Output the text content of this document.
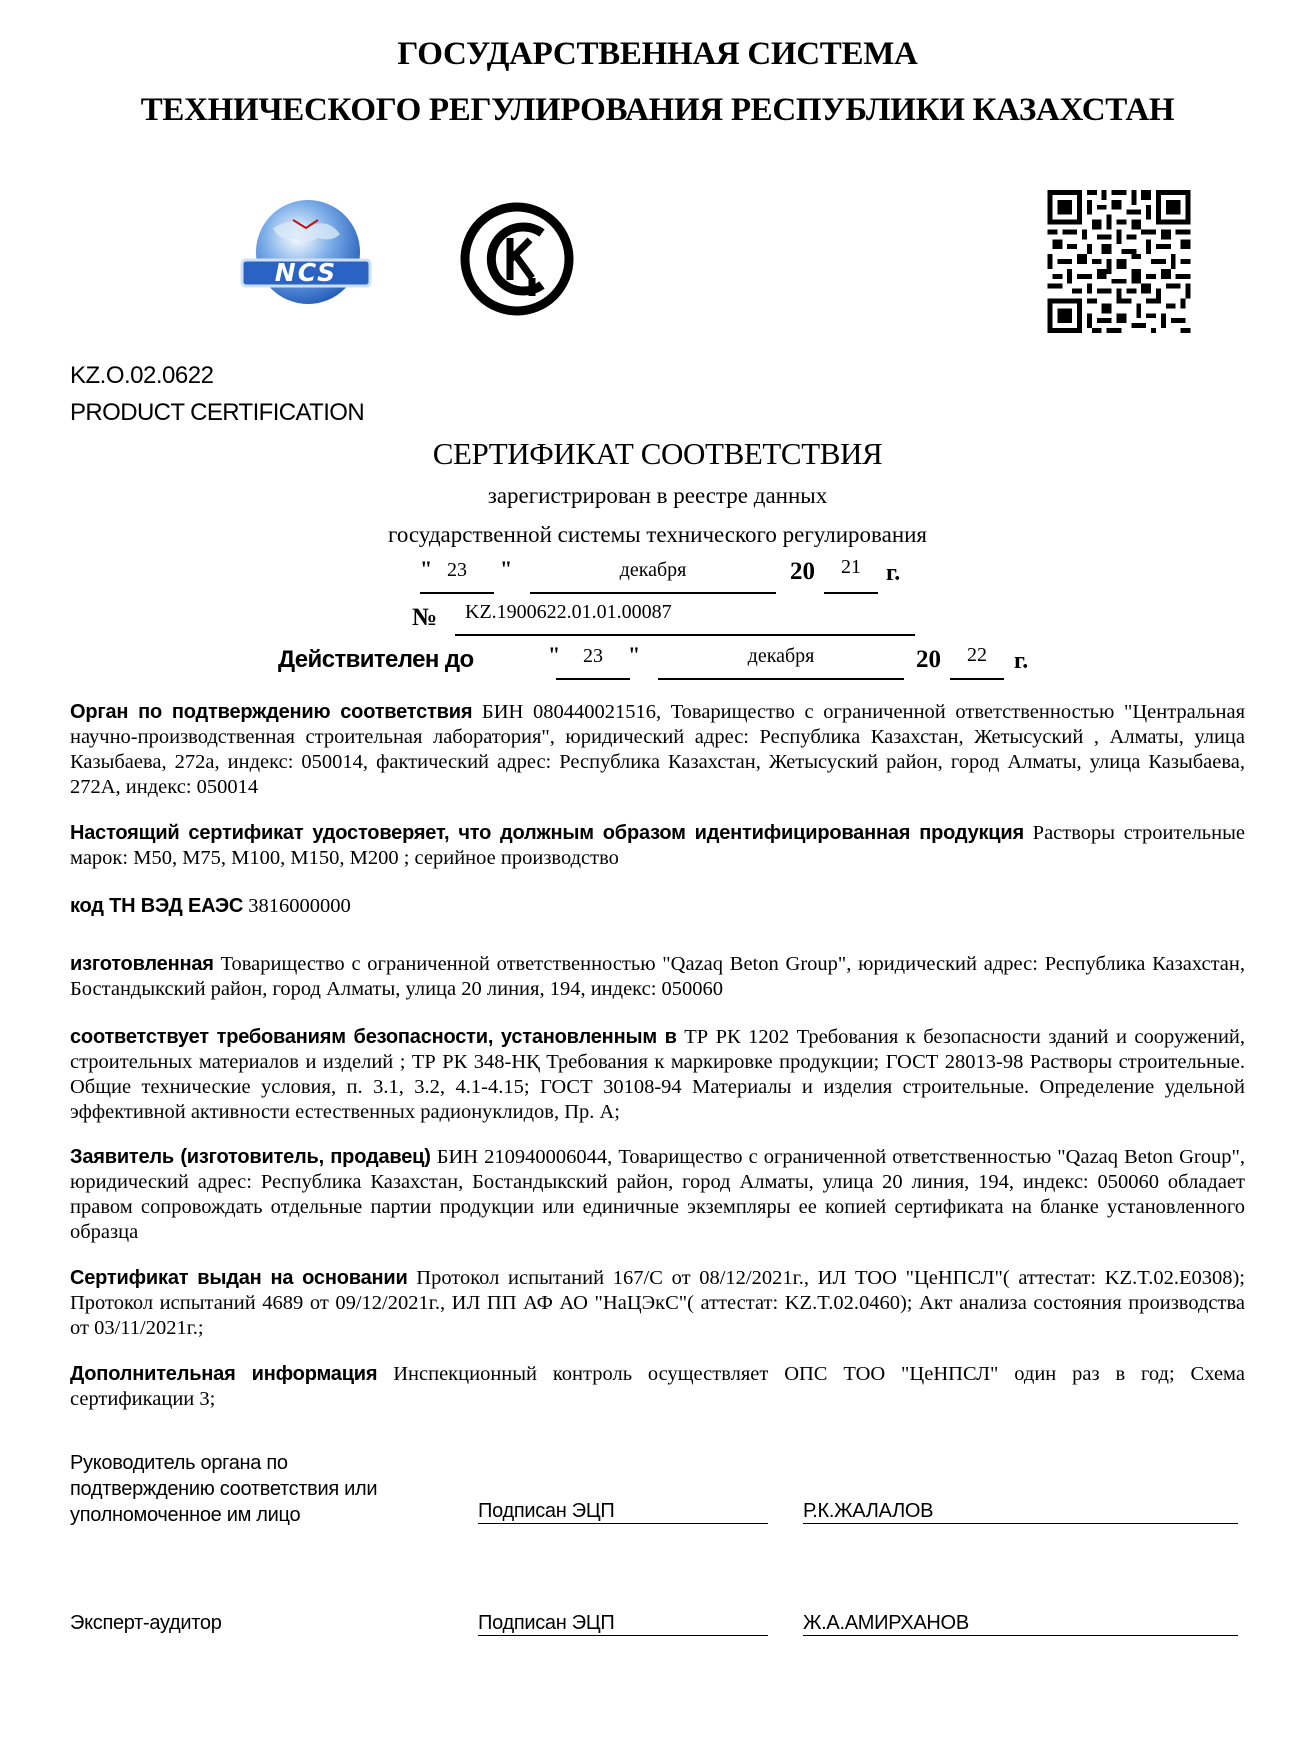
ГОСУДАРСТВЕННАЯ СИСТЕМА
ТЕХНИЧЕСКОГО РЕГУЛИРОВАНИЯ РЕСПУБЛИКИ КАЗАХСТАН
NCS
KZ.O.02.0622
PRODUCT CERTIFICATION
СЕРТИФИКАТ СООТВЕТСТВИЯ
зарегистрирован в реестре данных
государственной системы технического регулирования
" 23	"	декабря	20	21	г.
№ KZ.1900622.01.01.00087
Действителен до	"	23	"	декабря	20	22	г.
Орган по подтверждению соответствия БИН 080440021516, Товарищество с ограниченной ответственностью "Центральная научно-производственная строительная лаборатория", юридический адрес: Республика Казахстан, Жетысуский , Алматы, улица Казыбаева, 272а, индекс: 050014, фактический адрес: Республика Казахстан, Жетысуский район, город Алматы, улица Казыбаева, 272А, индекс: 050014
Настоящий сертификат удостоверяет, что должным образом идентифицированная продукция Растворы строительные марок: М50, М75, М100, М150, М200 ; серийное производство
код ТН ВЭД ЕАЭС 3816000000
изготовленная Товарищество с ограниченной ответственностью "Qazaq Beton Group", юридический адрес: Республика Казахстан, Бостандыкский район, город Алматы, улица 20 линия, 194, индекс: 050060
соответствует требованиям безопасности, установленным в ТР РК 1202 Требования к безопасности зданий и сооружений, строительных материалов и изделий ; ТР РК 348-НҚ Требования к маркировке продукции; ГОСТ 28013-98 Растворы строительные. Общие технические условия, п. 3.1, 3.2, 4.1-4.15; ГОСТ 30108-94 Материалы и изделия строительные. Определение удельной эффективной активности естественных радионуклидов, Пр. А;
Заявитель (изготовитель, продавец) БИН 210940006044, Товарищество с ограниченной ответственностью "Qazaq Beton Group", юридический адрес: Республика Казахстан, Бостандыкский район, город Алматы, улица 20 линия, 194, индекс: 050060 обладает правом сопровождать отдельные партии продукции или единичные экземпляры ее копией сертификата на бланке установленного образца
Сертификат выдан на основании Протокол испытаний 167/С от 08/12/2021г., ИЛ ТОО "ЦеНПСЛ"( аттестат: KZ.T.02.E0308); Протокол испытаний 4689 от 09/12/2021г., ИЛ ПП АФ АО "НаЦЭкС"( аттестат: KZ.T.02.0460); Акт анализа состояния производства от 03/11/2021г.;
Дополнительная информация Инспекционный контроль осуществляет ОПС ТОО "ЦеНПСЛ" один раз в год; Схема сертификации 3;
Руководитель органа по
подтверждению соответствия или
уполномоченное им лицо	Подписан ЭЦП	Р.К.ЖАЛАЛОВ
Эксперт-аудитор	Подписан ЭЦП	Ж.А.АМИРХАНОВ
